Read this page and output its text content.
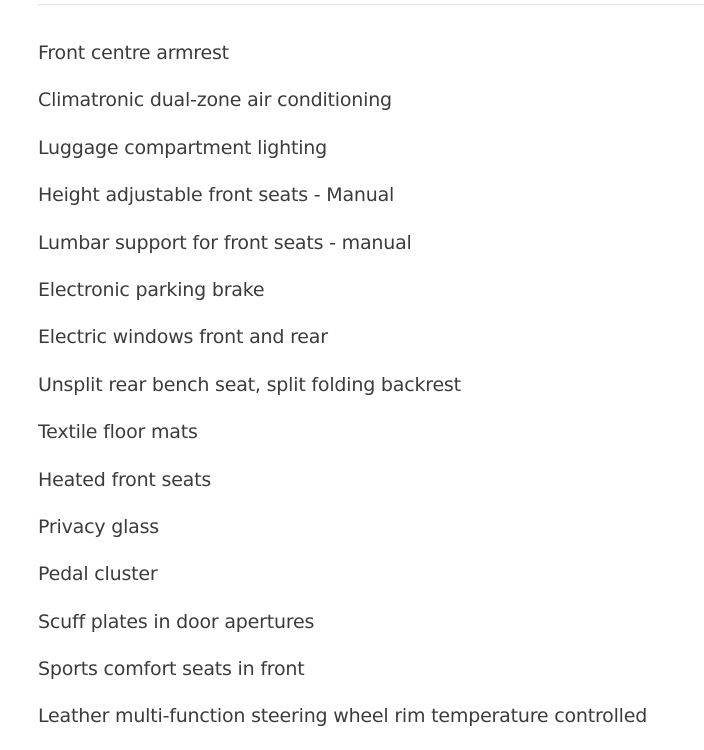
Front centre armrest
Climatronic dual-zone air conditioning
Luggage compartment lighting
Height adjustable front seats - Manual
Lumbar support for front seats - manual
Electronic parking brake
Electric windows front and rear
Unsplit rear bench seat, split folding backrest
Textile floor mats
Heated front seats
Privacy glass
Pedal cluster
Scuff plates in door apertures
Sports comfort seats in front
Leather multi-function steering wheel rim temperature controlled
